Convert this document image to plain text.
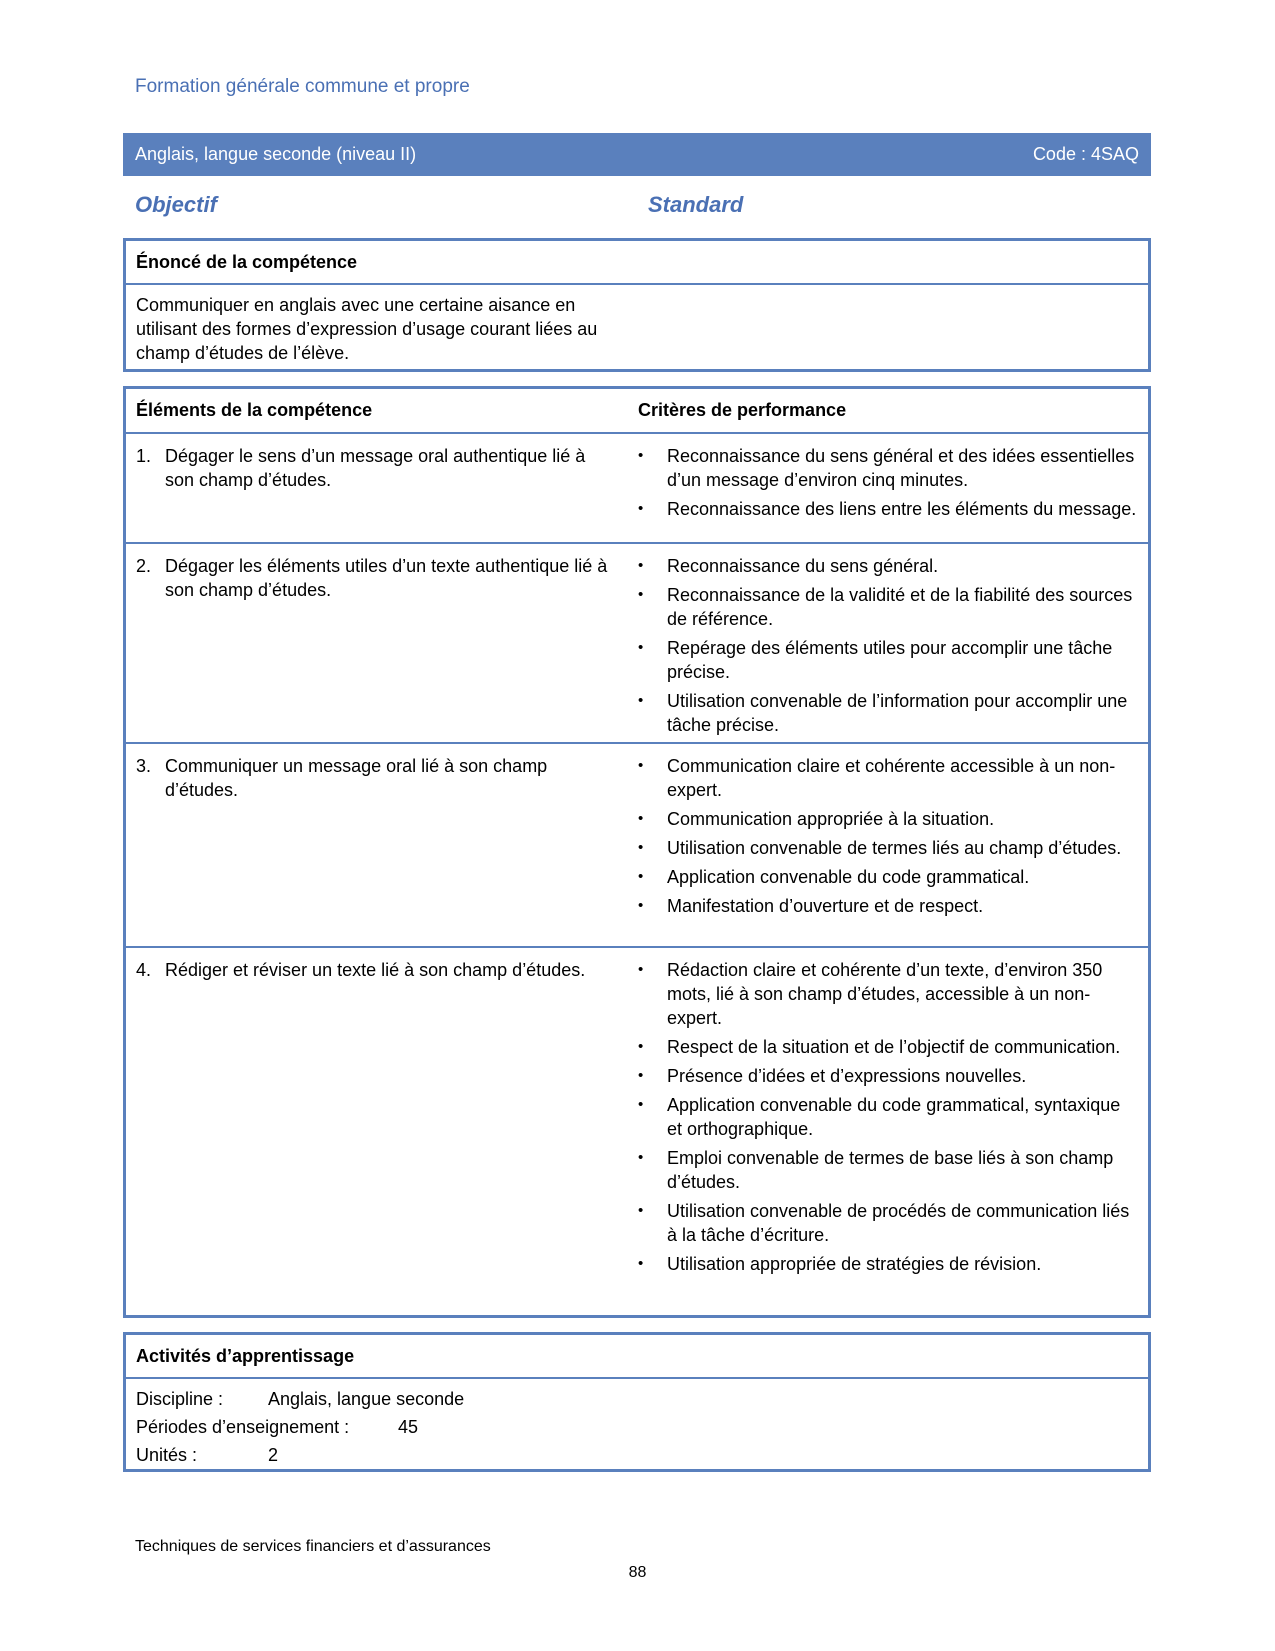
Formation générale commune et propre
Anglais, langue seconde (niveau II)	Code : 4SAQ
Objectif	Standard
Énoncé de la compétence
Communiquer en anglais avec une certaine aisance en utilisant des formes d’expression d’usage courant liées au champ d’études de l’élève.
Éléments de la compétence	Critères de performance
1. Dégager le sens d’un message oral authentique lié à son champ d’études.
•	Reconnaissance du sens général et des idées essentielles d’un message d’environ cinq minutes.
•	Reconnaissance des liens entre les éléments du message.
2. Dégager les éléments utiles d’un texte authentique lié à son champ d’études.
•	Reconnaissance du sens général.
•	Reconnaissance de la validité et de la fiabilité des sources de référence.
•	Repérage des éléments utiles pour accomplir une tâche précise.
•	Utilisation convenable de l’information pour accomplir une tâche précise.
3. Communiquer un message oral lié à son champ d’études.
•	Communication claire et cohérente accessible à un non-expert.
•	Communication appropriée à la situation.
•	Utilisation convenable de termes liés au champ d’études.
•	Application convenable du code grammatical.
•	Manifestation d’ouverture et de respect.
4. Rédiger et réviser un texte lié à son champ d’études.	•	Rédaction claire et cohérente d’un texte, d’environ 350 mots, lié à son champ d’études, accessible à un non-expert.
•	Respect de la situation et de l’objectif de communication.
•	Présence d’idées et d’expressions nouvelles.
•	Application convenable du code grammatical, syntaxique et orthographique.
•	Emploi convenable de termes de base liés à son champ d’études.
•	Utilisation convenable de procédés de communication liés à la tâche d’écriture.
•	Utilisation appropriée de stratégies de révision.
Activités d’apprentissage
Discipline :	Anglais, langue seconde
Périodes d’enseignement :	45
Unités :	2
Techniques de services financiers et d’assurances
88
